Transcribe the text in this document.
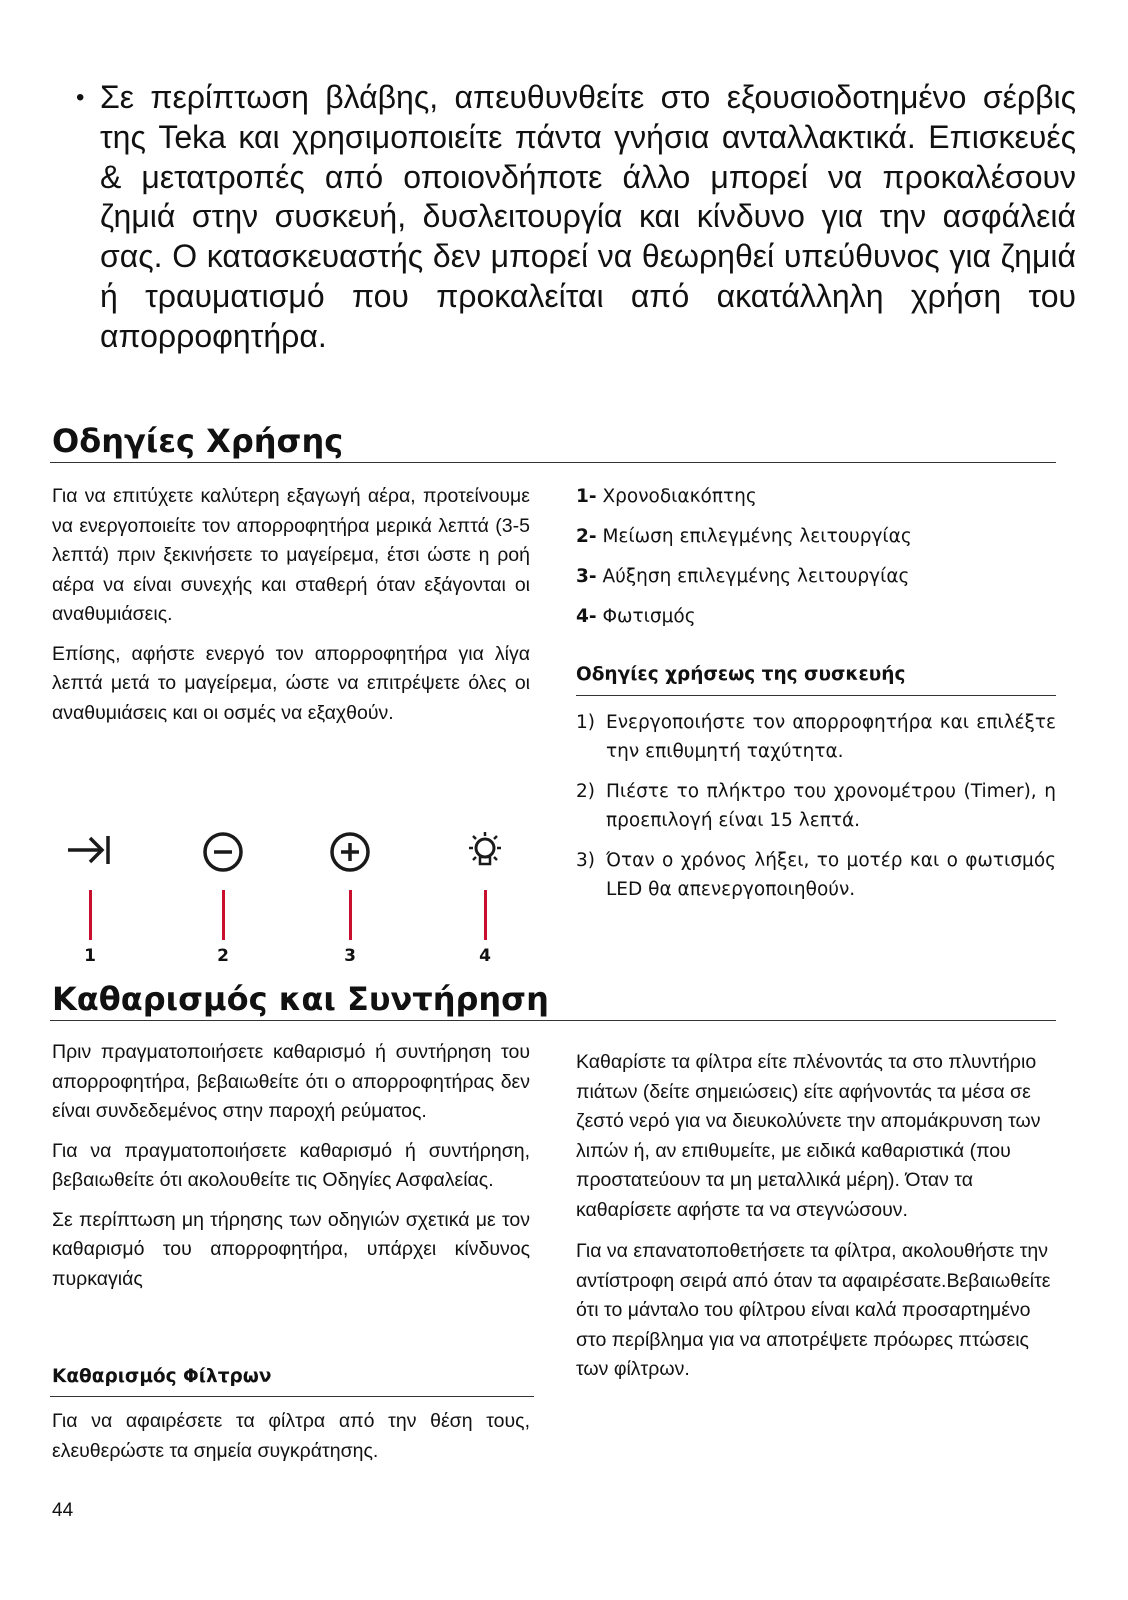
• Σε περίπτωση βλάβης, απευθυνθείτε στο εξουσιοδοτημένο σέρβις της Teka και χρησιμοποιείτε πάντα γνήσια ανταλλακτικά. Επισκευές & μετατροπές από οποιονδήποτε άλλο μπορεί να προκαλέσουν ζημιά στην συσκευή, δυσλειτουργία και κίνδυνο για την ασφάλειά σας. Ο κατασκευαστής δεν μπορεί να θεωρηθεί υπεύθυνος για ζημιά ή τραυματισμό που προκαλείται από ακατάλληλη χρήση του απορροφητήρα.
Οδηγίες Χρήσης

Για να επιτύχετε καλύτερη εξαγωγή αέρα, προτείνουμε να ενεργοποιείτε τον απορροφητήρα μερικά λεπτά (3-5 λεπτά) πριν ξεκινήσετε το μαγείρεμα, έτσι ώστε η ροή αέρα να είναι συνεχής και σταθερή όταν εξάγονται οι αναθυμιάσεις.

Επίσης, αφήστε ενεργό τον απορροφητήρα για λίγα λεπτά μετά το μαγείρεμα, ώστε να επιτρέψετε όλες οι αναθυμιάσεις και οι οσμές να εξαχθούν.

1	2	3	4
1- Χρονοδιακόπτης
2- Μείωση επιλεγμένης λειτουργίας
3- Αύξηση επιλεγμένης λειτουργίας
4- Φωτισμός
Οδηγίες χρήσεως της συσκευής
1) Ενεργοποιήστε τον απορροφητήρα και επιλέξτε την επιθυμητή ταχύτητα.
2) Πιέστε το πλήκτρο του χρονομέτρου (Timer), η προεπιλογή είναι 15 λεπτά.
3) Όταν ο χρόνος λήξει, το μοτέρ και ο φωτισμός LED θα απενεργοποιηθούν.
Καθαρισμός και Συντήρηση

Πριν πραγματοποιήσετε καθαρισμό ή συντήρηση του απορροφητήρα, βεβαιωθείτε ότι ο απορροφητήρας δεν είναι συνδεδεμένος στην παροχή ρεύματος.

Για να πραγματοποιήσετε καθαρισμό ή συντήρηση, βεβαιωθείτε ότι ακολουθείτε τις Οδηγίες Ασφαλείας.

Σε περίπτωση μη τήρησης των οδηγιών σχετικά με τον καθαρισμό του απορροφητήρα, υπάρχει κίνδυνος πυρκαγιάς

Καθαρισμός Φίλτρων

Για να αφαιρέσετε τα φίλτρα από την θέση τους, ελευθερώστε τα σημεία συγκράτησης.

Καθαρίστε τα φίλτρα είτε πλένοντάς τα στο πλυντήριο πιάτων (δείτε σημειώσεις) είτε αφήνοντάς τα μέσα σε ζεστό νερό για να διευκολύνετε την απομάκρυνση των λιπών ή, αν επιθυμείτε, με ειδικά καθαριστικά (που προστατεύουν τα μη μεταλλικά μέρη). Όταν τα καθαρίσετε αφήστε τα να στεγνώσουν.

Για να επανατοποθετήσετε τα φίλτρα, ακολουθήστε την αντίστροφη σειρά από όταν τα αφαιρέσατε.Βεβαιωθείτε ότι το μάνταλο του φίλτρου είναι καλά προσαρτημένο στο περίβλημα για να αποτρέψετε πρόωρες πτώσεις των φίλτρων.

44
